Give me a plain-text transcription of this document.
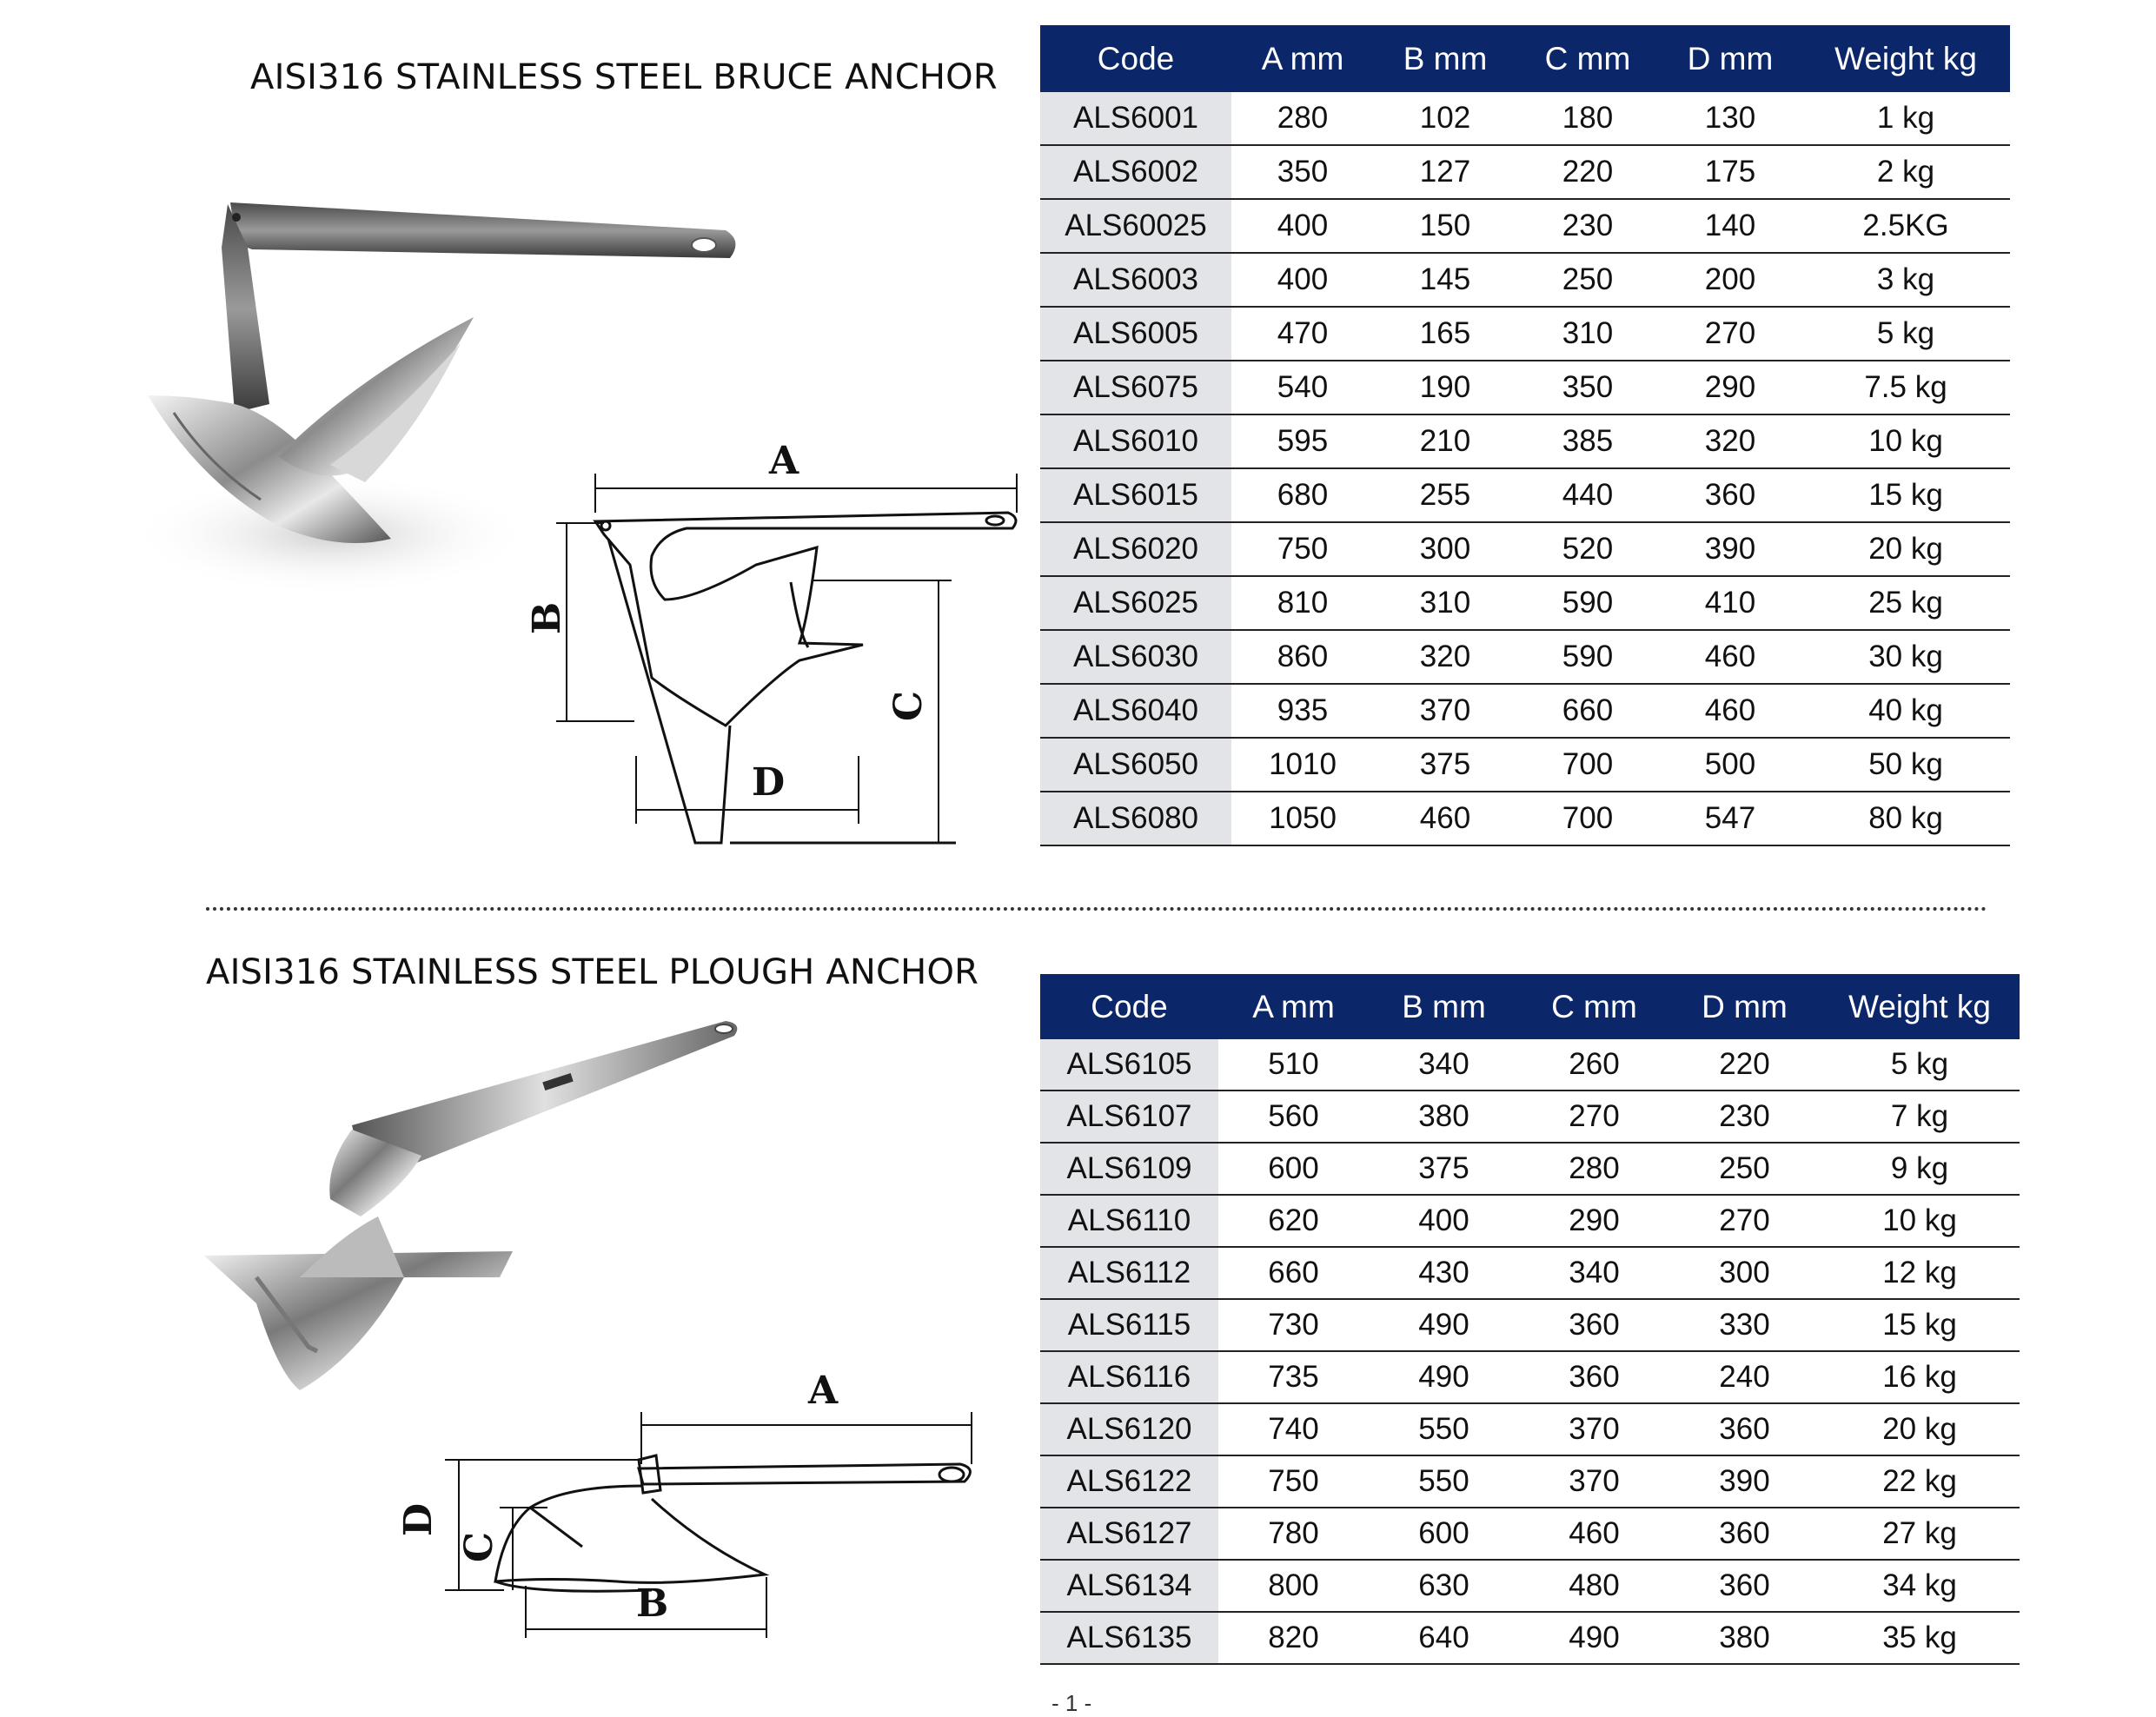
AISI316 STAINLESS STEEL BRUCE ANCHOR
AISI316 STAINLESS STEEL PLOUGH ANCHOR
A
B
C
D
Code	A mm	B mm	C mm	D mm	Weight kg
ALS6001	280	102	180	130	1 kg
ALS6002	350	127	220	175	2 kg
ALS60025	400	150	230	140	2.5KG
ALS6003	400	145	250	200	3 kg
ALS6005	470	165	310	270	5 kg
ALS6075	540	190	350	290	7.5 kg
ALS6010	595	210	385	320	10 kg
ALS6015	680	255	440	360	15 kg
ALS6020	750	300	520	390	20 kg
ALS6025	810	310	590	410	25 kg
ALS6030	860	320	590	460	30 kg
ALS6040	935	370	660	460	40 kg
ALS6050	1010	375	700	500	50 kg
ALS6080	1050	460	700	547	80 kg
A
D
C
B
Code	A mm	B mm	C mm	D mm	Weight kg
ALS6105	510	340	260	220	5 kg
ALS6107	560	380	270	230	7 kg
ALS6109	600	375	280	250	9 kg
ALS6110	620	400	290	270	10 kg
ALS6112	660	430	340	300	12 kg
ALS6115	730	490	360	330	15 kg
ALS6116	735	490	360	240	16 kg
ALS6120	740	550	370	360	20 kg
ALS6122	750	550	370	390	22 kg
ALS6127	780	600	460	360	27 kg
ALS6134	800	630	480	360	34 kg
ALS6135	820	640	490	380	35 kg
- 1 -
